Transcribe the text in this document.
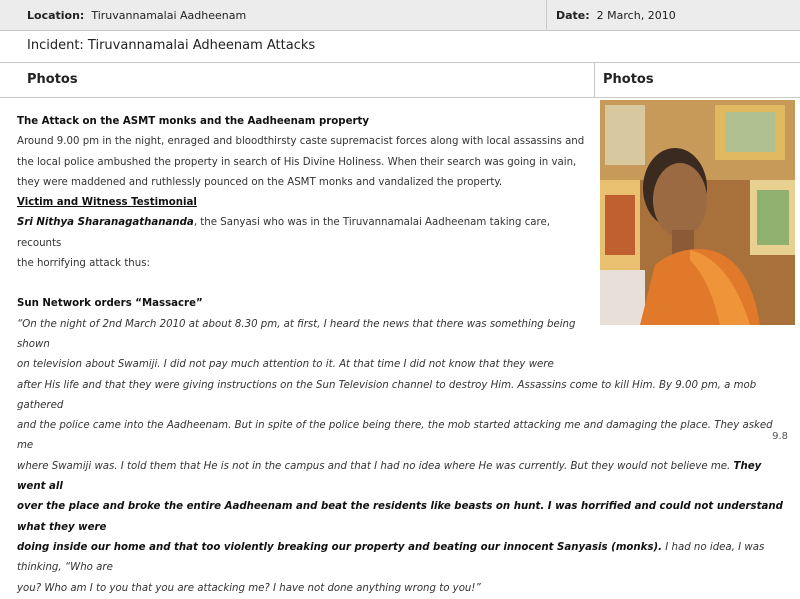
Location: Tiruvannamalai Aadheenam	Date: 2 March, 2010
Incident: Tiruvannamalai Adheenam Attacks
Photos	Photos
The Attack on the ASMT monks and the Aadheenam property
Around 9.00 pm in the night, enraged and bloodthirsty caste supremacist forces along with local assassins and
the local police ambushed the property in search of His Divine Holiness. When their search was going in vain,
they were maddened and ruthlessly pounced on the ASMT monks and vandalized the property.
Victim and Witness Testimonial
Sri Nithya Sharanagathananda, the Sanyasi who was in the Tiruvannamalai Aadheenam taking care, recounts
the horrifying attack thus:
Sun Network orders “Massacre”
“On the night of 2nd March 2010 at about 8.30 pm, at first, I heard the news that there was something being shown
on television about Swamiji. I did not pay much attention to it. At that time I did not know that they were
after His life and that they were giving instructions on the Sun Television channel to destroy Him. Assassins come to kill Him. By 9.00 pm, a mob gathered
and the police came into the Aadheenam. But in spite of the police being there, the mob started attacking me and damaging the place. They asked me
where Swamiji was. I told them that He is not in the campus and that I had no idea where He was currently. But they would not believe me. They went all
over the place and broke the entire Aadheenam and beat the residents like beasts on hunt. I was horrified and could not understand what they were
doing inside our home and that too violently breaking our property and beating our innocent Sanyasis (monks). I had no idea, I was thinking, “Who are
you? Who am I to you that you are attacking me? I have not done anything wrong to you!”
9.8
